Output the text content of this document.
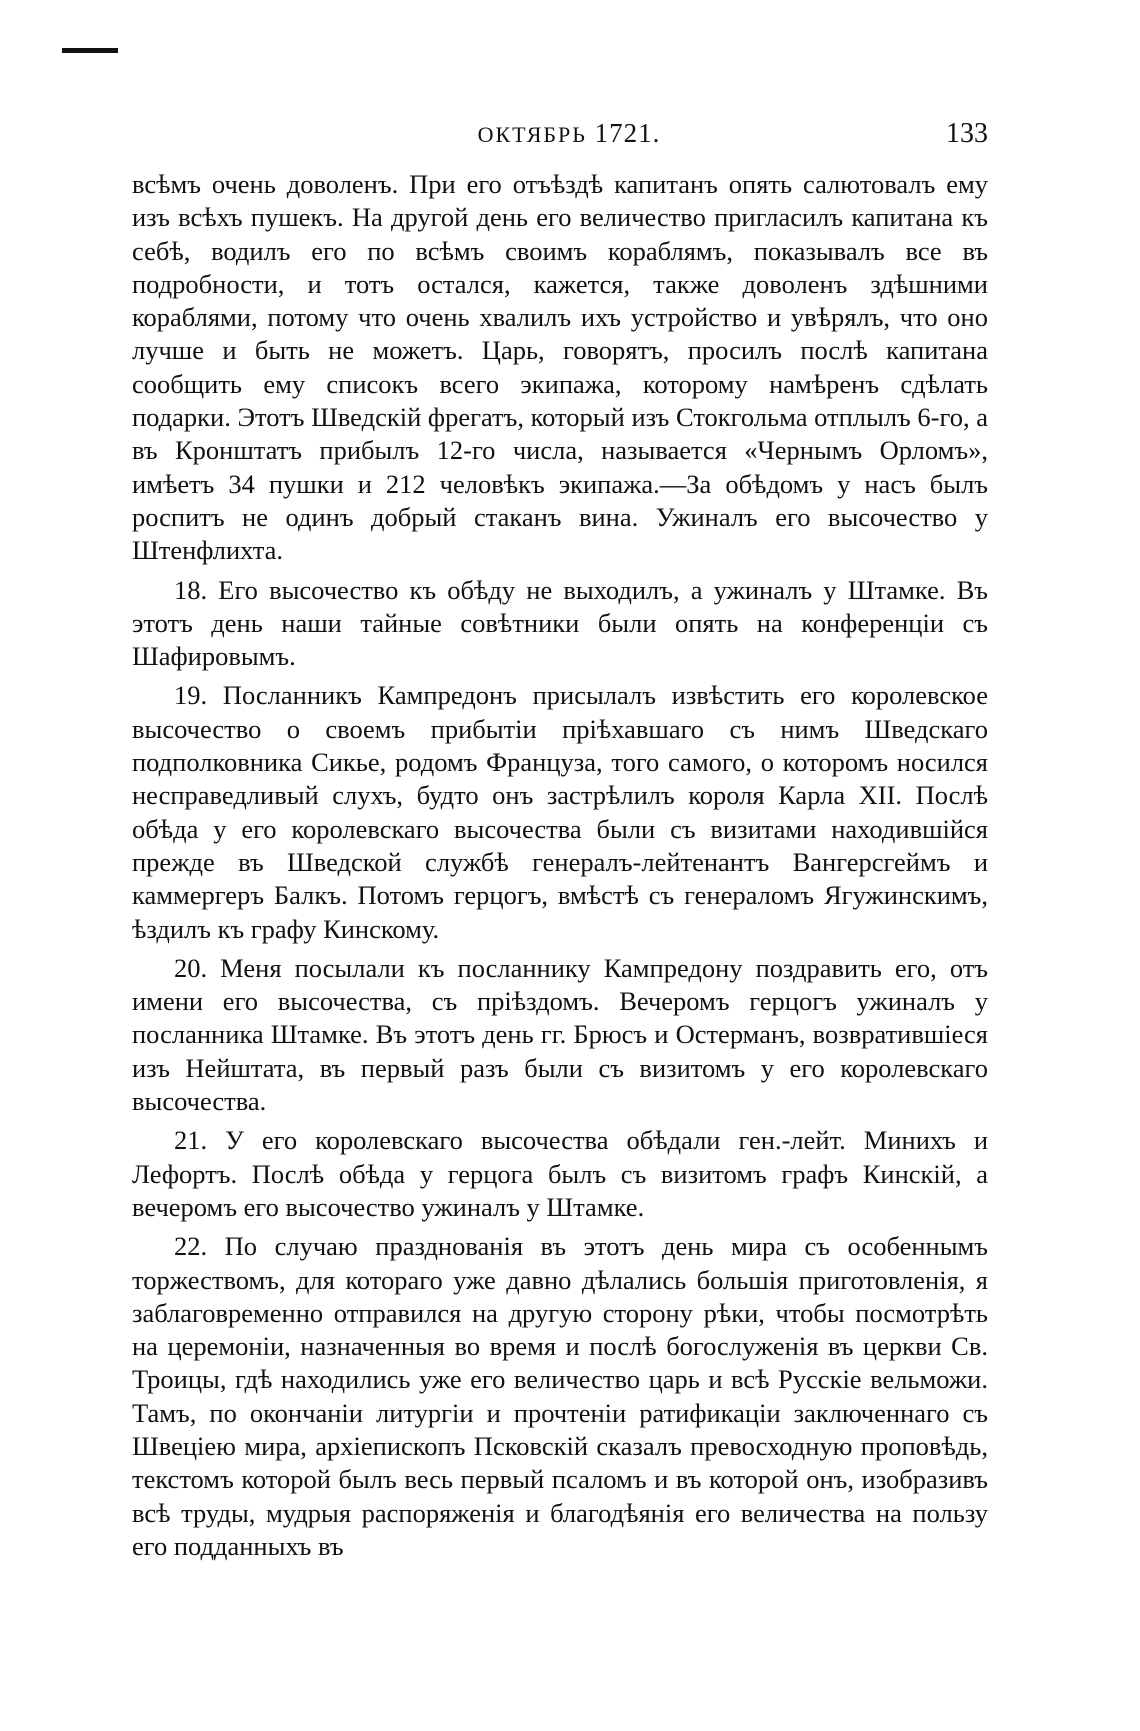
ОКТЯБРЬ 1721.	133

всѣмъ очень доволенъ. При его отъѣздѣ капитанъ опять салютовалъ ему изъ всѣхъ пушекъ. На другой день его величество пригласилъ капитана къ себѣ, водилъ его по всѣмъ своимъ кораблямъ, показывалъ все въ подробности, и тотъ остался, кажется, также доволенъ здѣшними кораблями, потому что очень хвалилъ ихъ устройство и увѣрялъ, что оно лучше и быть не можетъ. Царь, говорятъ, просилъ послѣ капитана сообщить ему списокъ всего экипажа, которому намѣренъ сдѣлать подарки. Этотъ Шведскій фрегатъ, который изъ Стокгольма отплылъ 6-го, а въ Кронштатъ прибылъ 12-го числа, называется «Чернымъ Орломъ», имѣетъ 34 пушки и 212 человѣкъ экипажа.—За обѣдомъ у насъ былъ роспитъ не одинъ добрый стаканъ вина. Ужиналъ его высочество у Штенфлихта.

18. Его высочество къ обѣду не выходилъ, а ужиналъ у Штамке. Въ этотъ день наши тайные совѣтники были опять на конференціи съ Шафировымъ.

19. Посланникъ Кампредонъ присылалъ извѣстить его королевское высочество о своемъ прибытіи пріѣхавшаго съ нимъ Шведскаго подполковника Сикье, родомъ Француза, того самого, о которомъ носился несправедливый слухъ, будто онъ застрѣлилъ короля Карла XII. Послѣ обѣда у его королевскаго высочества были съ визитами находившійся прежде въ Шведской службѣ генералъ-лейтенантъ Вангерсгеймъ и каммергеръ Балкъ. Потомъ герцогъ, вмѣстѣ съ генераломъ Ягужинскимъ, ѣздилъ къ графу Кинскому.

20. Меня посылали къ посланнику Кампредону поздравить его, отъ имени его высочества, съ пріѣздомъ. Вечеромъ герцогъ ужиналъ у посланника Штамке. Въ этотъ день гг. Брюсъ и Остерманъ, возвратившіеся изъ Нейштата, въ первый разъ были съ визитомъ у его королевскаго высочества.

21. У его королевскаго высочества обѣдали ген.-лейт. Минихъ и Лефортъ. Послѣ обѣда у герцога былъ съ визитомъ графъ Кинскій, а вечеромъ его высочество ужиналъ у Штамке.

22. По случаю празднованія въ этотъ день мира съ особеннымъ торжествомъ, для котораго уже давно дѣлались большія приготовленія, я заблаговременно отправился на другую сторону рѣки, чтобы посмотрѣть на церемоніи, назначенныя во время и послѣ богослуженія въ церкви Св. Троицы, гдѣ находились уже его величество царь и всѣ Русскіе вельможи. Тамъ, по окончаніи литургіи и прочтеніи ратификаціи заключеннаго съ Швеціею мира, архіепископъ Псковскій сказалъ превосходную проповѣдь, текстомъ которой былъ весь первый псаломъ и въ которой онъ, изобразивъ всѣ труды, мудрыя распоряженія и благодѣянія его величества на пользу его подданныхъ въ
